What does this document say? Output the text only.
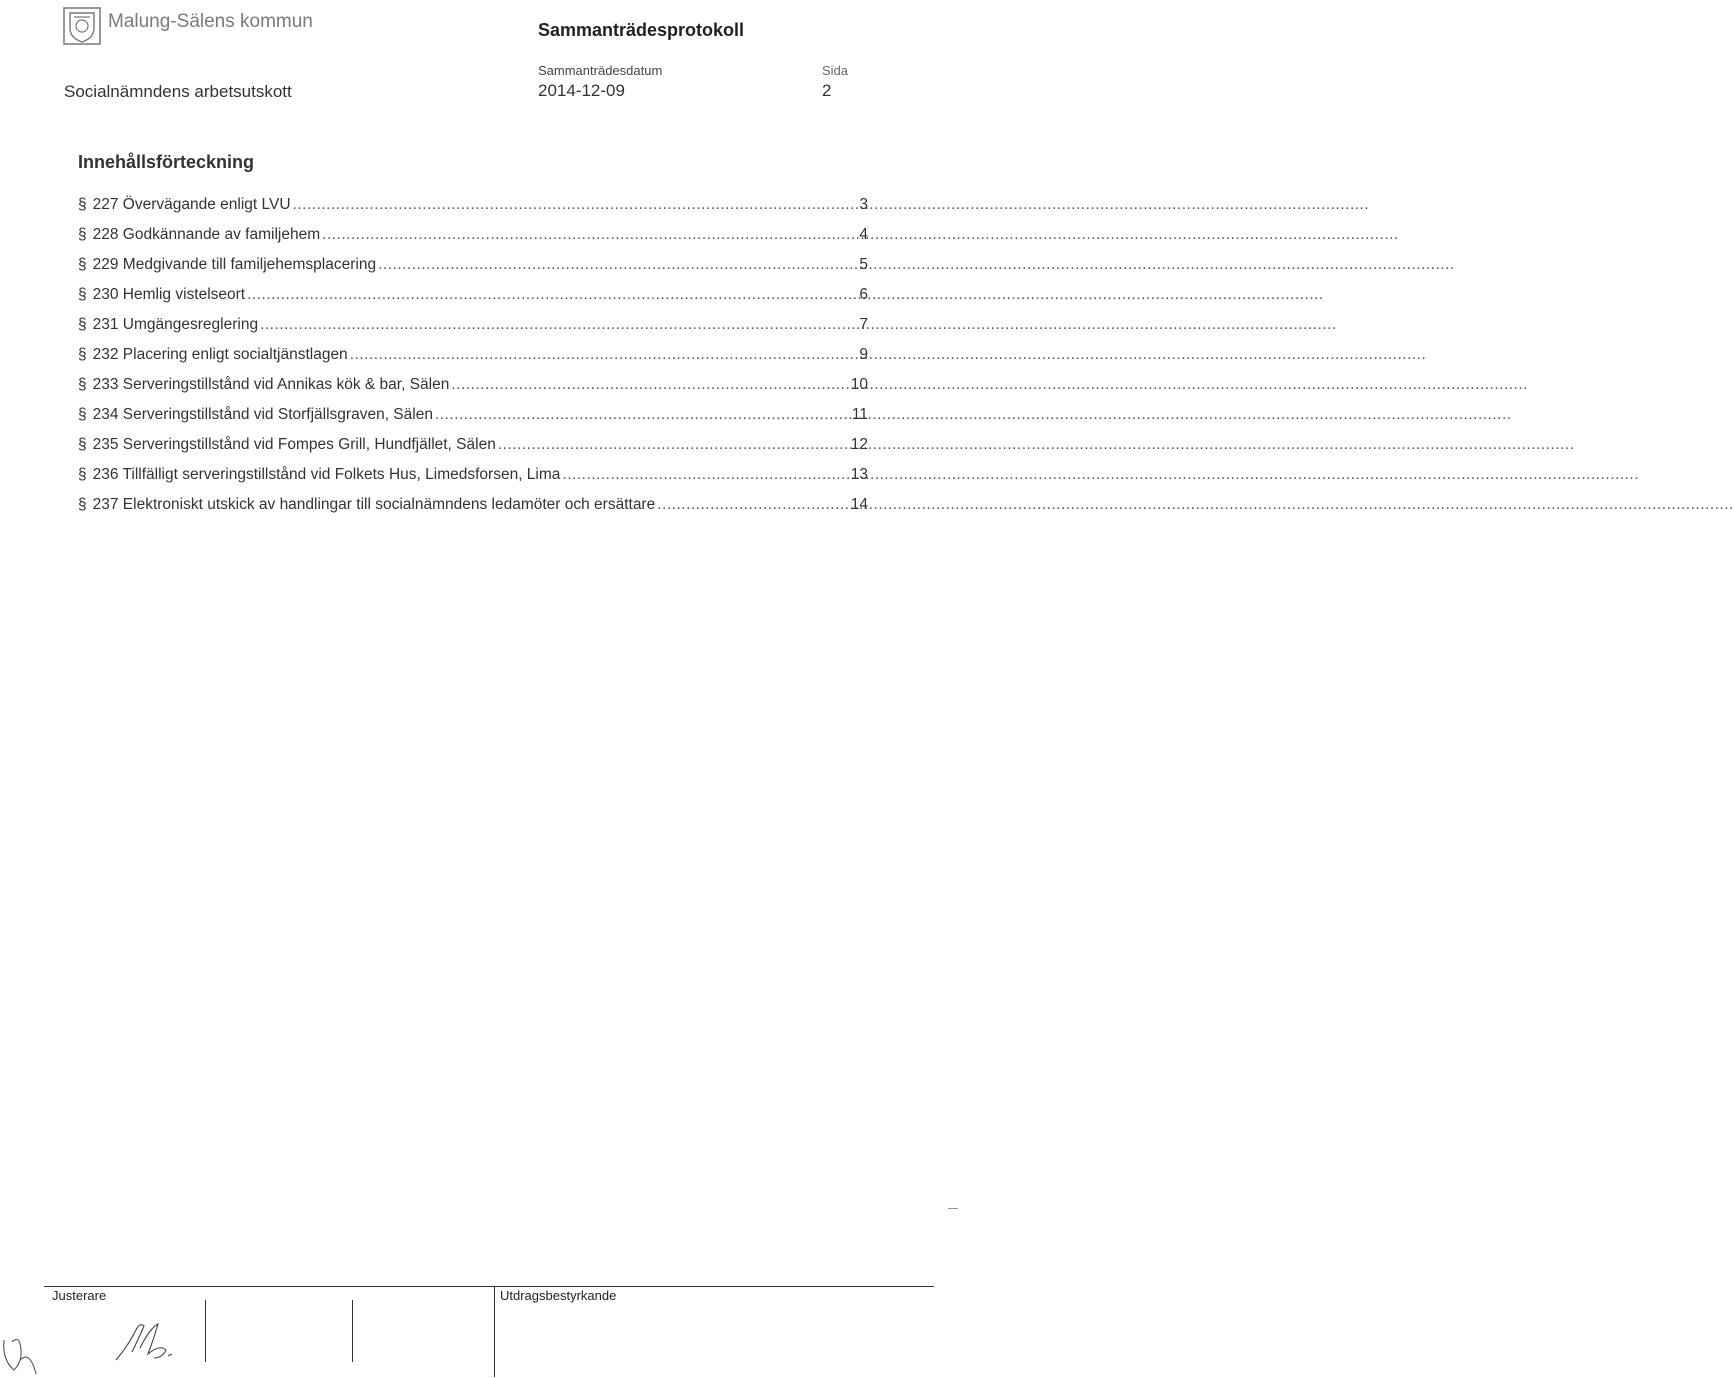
Malung-Sälens kommun	Sammanträdesprotokoll
Socialnämndens arbetsutskott
Sammanträdesdatum
2014-12-09
Sida
2
Innehållsförteckning
§ 227 Övervägande enligt LVU .....	3
§ 228 Godkännande av familjehem .....	4
§ 229 Medgivande till familjehemsplacering .....	5
§ 230 Hemlig vistelseort .....	6
§ 231 Umgängesreglering .....	7
§ 232 Placering enligt socialtjänstlagen .....	9
§ 233 Serveringstillstånd vid Annikas kök & bar, Sälen .....	10
§ 234 Serveringstillstånd vid Storfjällsgraven, Sälen .....	11
§ 235 Serveringstillstånd vid Fompes Grill, Hundfjället, Sälen .....	12
§ 236 Tillfälligt serveringstillstånd vid Folkets Hus, Limedsforsen, Lima .....	13
§ 237 Elektroniskt utskick av handlingar till socialnämndens ledamöter och ersättare .....	14
Justerare	Utdragsbestyrkande
